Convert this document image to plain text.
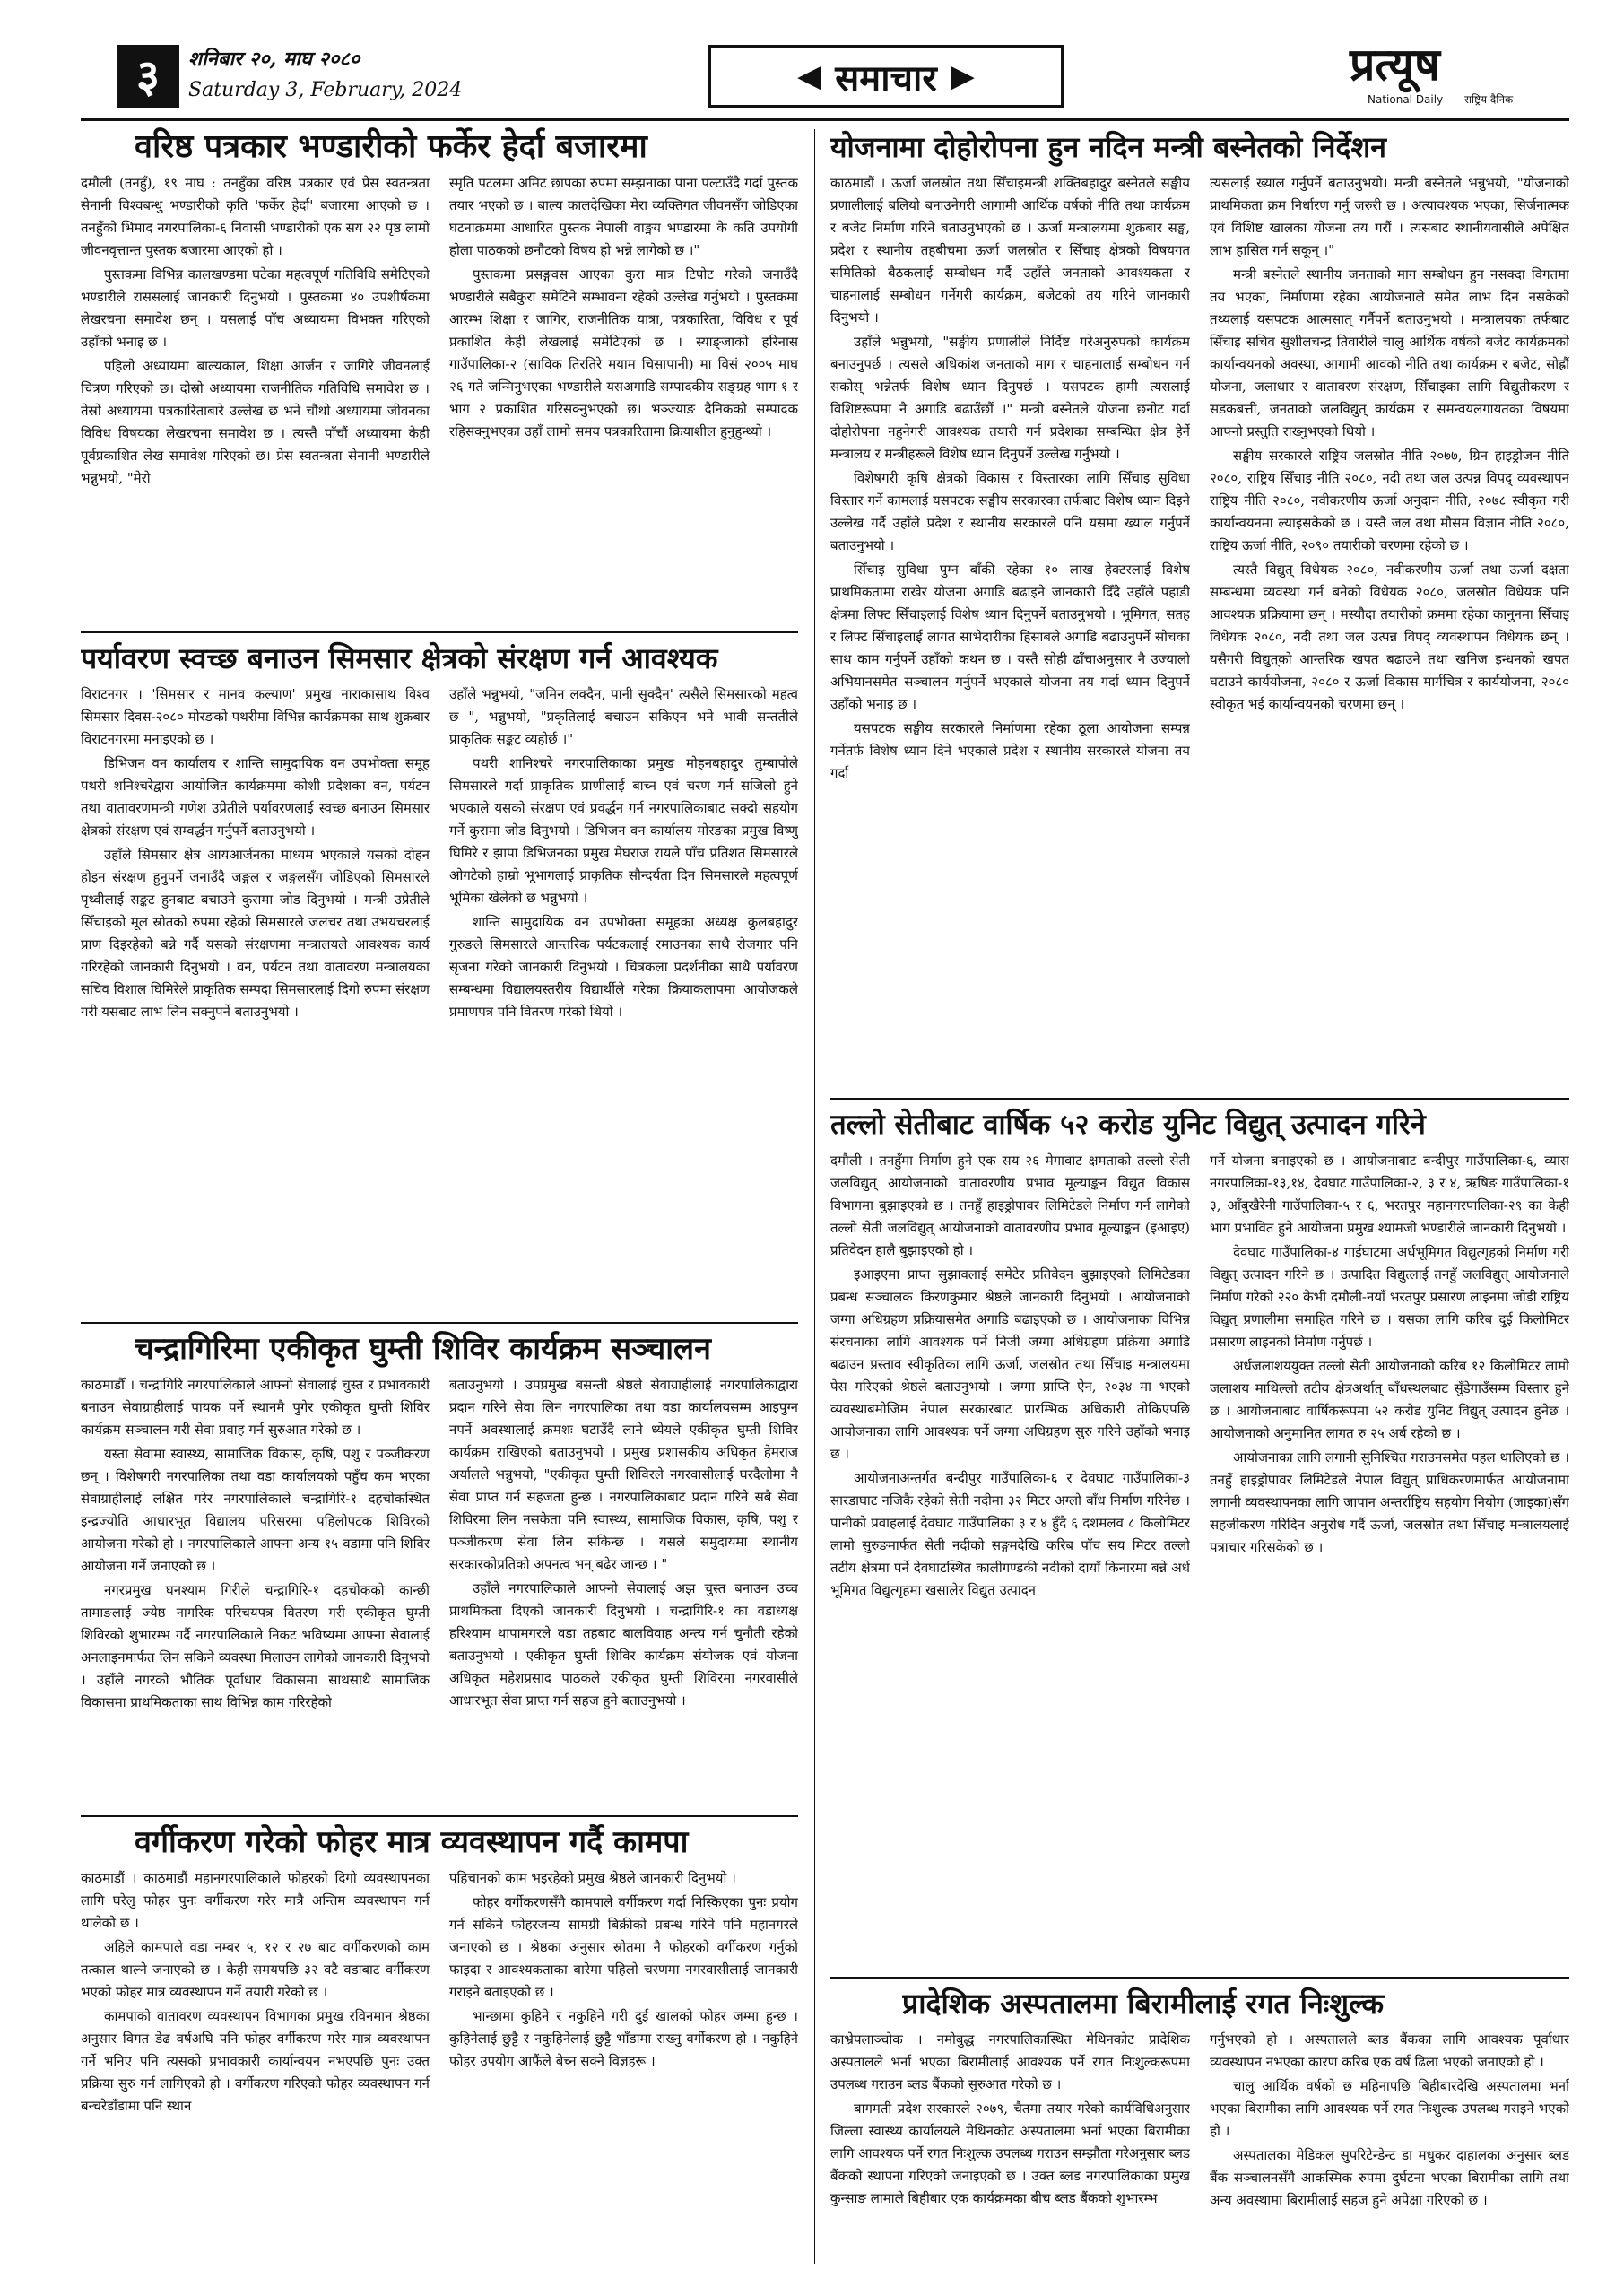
३	शनिबार २०, माघ २०८०
Saturday 3, February, 2024	◀ समाचार ▶	प्रत्यूष
National Daily राष्ट्रिय दैनिक
वरिष्ठ पत्रकार भण्डारीको फर्केर हेर्दा बजारमा

दमौली (तनहुँ), १९ माघ : तनहुँका वरिष्ठ पत्रकार एवं प्रेस स्वतन्त्रता सेनानी विश्वबन्धु भण्डारीको कृति 'फर्केर हेर्दा' बजारमा आएको छ । तनहुँको भिमाद नगरपालिका-६ निवासी भण्डारीको एक सय २२ पृष्ठ लामो जीवनवृत्तान्त पुस्तक बजारमा आएको हो ।

पुस्तकमा विभिन्न कालखण्डमा घटेका महत्वपूर्ण गतिविधि समेटिएको भण्डारीले राससलाई जानकारी दिनुभयो । पुस्तकमा ४० उपशीर्षकमा लेखरचना समावेश छन् । यसलाई पाँच अध्यायमा विभक्त गरिएको उहाँको भनाइ छ ।

पहिलो अध्यायमा बाल्यकाल, शिक्षा आर्जन र जागिरे जीवनलाई चित्रण गरिएको छ। दोस्रो अध्यायमा राजनीतिक गतिविधि समावेश छ । तेस्रो अध्यायमा पत्रकारिताबारे उल्लेख छ भने चौथो अध्यायमा जीवनका विविध विषयका लेखरचना समावेश छ । त्यस्तै पाँचौं अध्यायमा केही पूर्वप्रकाशित लेख समावेश गरिएको छ। प्रेस स्वतन्त्रता सेनानी भण्डारीले भन्नुभयो, "मेरो

स्मृति पटलमा अमिट छापका रुपमा सम्झनाका पाना पल्टाउँदै गर्दा पुस्तक तयार भएको छ । बाल्य कालदेखिका मेरा व्यक्तिगत जीवनसँग जोडिएका घटनाक्रममा आधारित पुस्तक नेपाली वाङ्मय भण्डारमा के कति उपयोगी होला पाठकको छनौटको विषय हो भन्ने लागेको छ ।"

पुस्तकमा प्रसङ्गवस आएका कुरा मात्र टिपोट गरेको जनाउँदै भण्डारीले सबैकुरा समेटिने सम्भावना रहेको उल्लेख गर्नुभयो । पुस्तकमा आरम्भ शिक्षा र जागिर, राजनीतिक यात्रा, पत्रकारिता, विविध र पूर्व प्रकाशित केही लेखलाई समेटिएको छ । स्याङ्जाको हरिनास गाउँपालिका-२ (साविक तिरतिरे मयाम चिसापानी) मा विसं २००५ माघ २६ गते जन्मिनुभएका भण्डारीले यसअगाडि सम्पादकीय सङ्ग्रह भाग १ र भाग २ प्रकाशित गरिसक्नुभएको छ। भञ्ज्याङ दैनिकको सम्पादक रहिसक्नुभएका उहाँ लामो समय पत्रकारितामा क्रियाशील हुनुहुन्थ्यो ।

पर्यावरण स्वच्छ बनाउन सिमसार क्षेत्रको संरक्षण गर्न आवश्यक

विराटनगर । 'सिमसार र मानव कल्याण' प्रमुख नाराकासाथ विश्व सिमसार दिवस-२०८० मोरङको पथरीमा विभिन्न कार्यक्रमका साथ शुक्रबार विराटनगरमा मनाइएको छ ।

डिभिजन वन कार्यालय र शान्ति सामुदायिक वन उपभोक्ता समूह पथरी शनिश्चरेद्वारा आयोजित कार्यक्रममा कोशी प्रदेशका वन, पर्यटन तथा वातावरणमन्त्री गणेश उप्रेतीले पर्यावरणलाई स्वच्छ बनाउन सिमसार क्षेत्रको संरक्षण एवं सम्वर्द्धन गर्नुपर्ने बताउनुभयो ।

उहाँले सिमसार क्षेत्र आयआर्जनका माध्यम भएकाले यसको दोहन होइन संरक्षण हुनुपर्ने जनाउँदै जङ्गल र जङ्गलसँग जोडिएको सिमसारले पृथ्वीलाई सङ्कट हुनबाट बचाउने कुरामा जोड दिनुभयो । मन्त्री उप्रेतीले सिँचाइको मूल स्रोतको रुपमा रहेको सिमसारले जलचर तथा उभयचरलाई प्राण दिइरहेको बन्ने गर्दै यसको संरक्षणमा मन्त्रालयले आवश्यक कार्य गरिरहेको जानकारी दिनुभयो । वन, पर्यटन तथा वातावरण मन्त्रालयका सचिव विशाल घिमिरेले प्राकृतिक सम्पदा सिमसारलाई दिगो रुपमा संरक्षण गरी यसबाट लाभ लिन सक्नुपर्ने बताउनुभयो ।

उहाँले भन्नुभयो, "जमिन लक्दैन, पानी सुक्दैन' त्यसैले सिमसारको महत्व छ ", भन्नुभयो, "प्रकृतिलाई बचाउन सकिएन भने भावी सन्ततीले प्राकृतिक सङ्कट व्यहोर्छ ।"

पथरी शानिश्चरे नगरपालिकाका प्रमुख मोहनबहादुर तुम्बापोले सिमसारले गर्दा प्राकृतिक प्राणीलाई बाच्न एवं चरण गर्न सजिलो हुने भएकाले यसको संरक्षण एवं प्रवर्द्धन गर्न नगरपालिकाबाट सक्दो सहयोग गर्ने कुरामा जोड दिनुभयो । डिभिजन वन कार्यालय मोरङका प्रमुख विष्णु घिमिरे र झापा डिभिजनका प्रमुख मेघराज रायले पाँच प्रतिशत सिमसारले ओगटेको हाम्रो भूभागलाई प्राकृतिक सौन्दर्यता दिन सिमसारले महत्वपूर्ण भूमिका खेलेको छ भन्नुभयो ।

शान्ति सामुदायिक वन उपभोक्ता समूहका अध्यक्ष कुलबहादुर गुरुङले सिमसारले आन्तरिक पर्यटकलाई रमाउनका साथै रोजगार पनि सृजना गरेको जानकारी दिनुभयो । चित्रकला प्रदर्शनीका साथै पर्यावरण सम्बन्धमा विद्यालयस्तरीय विद्यार्थीले गरेका क्रियाकलापमा आयोजकले प्रमाणपत्र पनि वितरण गरेको थियो ।

चन्द्रागिरिमा एकीकृत घुम्ती शिविर कार्यक्रम सञ्चालन

काठमाडौँ । चन्द्रागिरि नगरपालिकाले आफ्नो सेवालाई चुस्त र प्रभावकारी बनाउन सेवाग्राहीलाई पायक पर्ने स्थानमै पुगेर एकीकृत घुम्ती शिविर कार्यक्रम सञ्चालन गरी सेवा प्रवाह गर्न सुरुआत गरेको छ ।

यस्ता सेवामा स्वास्थ्य, सामाजिक विकास, कृषि, पशु र पञ्जीकरण छन् । विशेषगरी नगरपालिका तथा वडा कार्यालयको पहुँच कम भएका सेवाग्राहीलाई लक्षित गरेर नगरपालिकाले चन्द्रागिरि-१ दहचोकस्थित इन्द्रज्योति आधारभूत विद्यालय परिसरमा पहिलोपटक शिविरको आयोजना गरेको हो । नगरपालिकाले आफ्ना अन्य १५ वडामा पनि शिविर आयोजना गर्ने जनाएको छ ।

नगरप्रमुख घनश्याम गिरीले चन्द्रागिरि-१ दहचोकको कान्छी तामाङलाई ज्येष्ठ नागरिक परिचयपत्र वितरण गरी एकीकृत घुम्ती शिविरको शुभारम्भ गर्दै नगरपालिकाले निकट भविष्यमा आफ्ना सेवालाई अनलाइनमार्फत लिन सकिने व्यवस्था मिलाउन लागेको जानकारी दिनुभयो । उहाँले नगरको भौतिक पूर्वाधार विकासमा साथसाथै सामाजिक विकासमा प्राथमिकताका साथ विभिन्न काम गरिरहेको

बताउनुभयो । उपप्रमुख बसन्ती श्रेष्ठले सेवाग्राहीलाई नगरपालिकाद्वारा प्रदान गरिने सेवा लिन नगरपालिका तथा वडा कार्यालयसम्म आइपुग्न नपर्ने अवस्थालाई क्रमशः घटाउँदै लाने ध्येयले एकीकृत घुम्ती शिविर कार्यक्रम राखिएको बताउनुभयो । प्रमुख प्रशासकीय अधिकृत हेमराज अर्यालले भन्नुभयो, "एकीकृत घुम्ती शिविरले नगरवासीलाई घरदैलोमा नै सेवा प्राप्त गर्न सहजता हुन्छ । नगरपालिकाबाट प्रदान गरिने सबै सेवा शिविरमा लिन नसकेता पनि स्वास्थ्य, सामाजिक विकास, कृषि, पशु र पञ्जीकरण सेवा लिन सकिन्छ । यसले समुदायमा स्थानीय सरकारकोप्रतिको अपनत्व भन् बढेर जान्छ । "

उहाँले नगरपालिकाले आफ्नो सेवालाई अझ चुस्त बनाउन उच्च प्राथमिकता दिएको जानकारी दिनुभयो । चन्द्रागिरि-१ का वडाध्यक्ष हरिश्याम थापामगरले वडा तहबाट बालविवाह अन्त्य गर्न चुनौती रहेको बताउनुभयो । एकीकृत घुम्ती शिविर कार्यक्रम संयोजक एवं योजना अधिकृत महेशप्रसाद पाठकले एकीकृत घुम्ती शिविरमा नगरवासीले आधारभूत सेवा प्राप्त गर्न सहज हुने बताउनुभयो ।

वर्गीकरण गरेको फोहर मात्र व्यवस्थापन गर्दै कामपा

काठमाडौं । काठमाडौं महानगरपालिकाले फोहरको दिगो व्यवस्थापनका लागि घरेलु फोहर पुनः वर्गीकरण गरेर मात्रै अन्तिम व्यवस्थापन गर्न थालेको छ ।

अहिले कामपाले वडा नम्बर ५, १२ र २७ बाट वर्गीकरणको काम तत्काल थाल्ने जनाएको छ । केही समयपछि ३२ वटै वडाबाट वर्गीकरण भएको फोहर मात्र व्यवस्थापन गर्ने तयारी गरेको छ ।

कामपाको वातावरण व्यवस्थापन विभागका प्रमुख रविनमान श्रेष्ठका अनुसार विगत डेढ वर्षअघि पनि फोहर वर्गीकरण गरेर मात्र व्यवस्थापन गर्ने भनिए पनि त्यसको प्रभावकारी कार्यान्वयन नभएपछि पुनः उक्त प्रक्रिया सुरु गर्न लागिएको हो । वर्गीकरण गरिएको फोहर व्यवस्थापन गर्न बन्चरेडाँडामा पनि स्थान

पहिचानको काम भइरहेको प्रमुख श्रेष्ठले जानकारी दिनुभयो ।

फोहर वर्गीकरणसँगै कामपाले वर्गीकरण गर्दा निस्किएका पुनः प्रयोग गर्न सकिने फोहरजन्य सामग्री बिक्रीको प्रबन्ध गरिने पनि महानगरले जनाएको छ । श्रेष्ठका अनुसार स्रोतमा नै फोहरको वर्गीकरण गर्नुको फाइदा र आवश्यकताका बारेमा पहिलो चरणमा नगरवासीलाई जानकारी गराइने बताइएको छ ।

भान्छामा कुहिने र नकुहिने गरी दुई खालको फोहर जम्मा हुन्छ । कुहिनेलाई छुट्टै र नकुहिनेलाई छुट्टै भाँडामा राख्नु वर्गीकरण हो । नकुहिने फोहर उपयोग आफैंले बेच्न सक्ने विज्ञहरू ।

योजनामा दोहोरोपना हुन नदिन मन्त्री बस्नेतको निर्देशन

काठमाडौं । ऊर्जा जलस्रोत तथा सिँचाइमन्त्री शक्तिबहादुर बस्नेतले सङ्घीय प्रणालीलाई बलियो बनाउनेगरी आगामी आर्थिक वर्षको नीति तथा कार्यक्रम र बजेट निर्माण गरिने बताउनुभएको छ । ऊर्जा मन्त्रालयमा शुक्रबार सङ्घ, प्रदेश र स्थानीय तहबीचमा ऊर्जा जलस्रोत र सिँचाइ क्षेत्रको विषयगत समितिको बैठकलाई सम्बोधन गर्दै उहाँले जनताको आवश्यकता र चाहनालाई सम्बोधन गर्नेगरी कार्यक्रम, बजेटको तय गरिने जानकारी दिनुभयो ।

उहाँले भन्नुभयो, "सङ्घीय प्रणालीले निर्दिष्ट गरेअनुरुपको कार्यक्रम बनाउनुपर्छ । त्यसले अधिकांश जनताको माग र चाहनालाई सम्बोधन गर्न सकोस् भन्नेतर्फ विशेष ध्यान दिनुपर्छ । यसपटक हामी त्यसलाई विशिष्टरूपमा नै अगाडि बढाउँछौं ।" मन्त्री बस्नेतले योजना छनोट गर्दा दोहोरोपना नहुनेगरी आवश्यक तयारी गर्न प्रदेशका सम्बन्धित क्षेत्र हेर्ने मन्त्रालय र मन्त्रीहरूले विशेष ध्यान दिनुपर्ने उल्लेख गर्नुभयो ।

विशेषगरी कृषि क्षेत्रको विकास र विस्तारका लागि सिँचाइ सुविधा विस्तार गर्ने कामलाई यसपटक सङ्घीय सरकारका तर्फबाट विशेष ध्यान दिइने उल्लेख गर्दै उहाँले प्रदेश र स्थानीय सरकारले पनि यसमा ख्याल गर्नुपर्ने बताउनुभयो ।

सिँचाइ सुविधा पुग्न बाँकी रहेका १० लाख हेक्टरलाई विशेष प्राथमिकतामा राखेर योजना अगाडि बढाइने जानकारी दिँदै उहाँले पहाडी क्षेत्रमा लिफ्ट सिँचाइलाई विशेष ध्यान दिनुपर्ने बताउनुभयो । भूमिगत, सतह र लिफ्ट सिँचाइलाई लागत साभेदारीका हिसाबले अगाडि बढाउनुपर्ने सोचका साथ काम गर्नुपर्ने उहाँको कथन छ । यस्तै सोही ढाँचाअनुसार नै उज्यालो अभियानसमेत सञ्चालन गर्नुपर्ने भएकाले योजना तय गर्दा ध्यान दिनुपर्ने उहाँको भनाइ छ ।

यसपटक सङ्घीय सरकारले निर्माणमा रहेका ठूला आयोजना सम्पन्न गर्नेतर्फ विशेष ध्यान दिने भएकाले प्रदेश र स्थानीय सरकारले योजना तय गर्दा

त्यसलाई ख्याल गर्नुपर्ने बताउनुभयो। मन्त्री बस्नेतले भन्नुभयो, "योजनाको प्राथमिकता क्रम निर्धारण गर्नु जरुरी छ । अत्यावश्यक भएका, सिर्जनात्मक एवं विशिष्ट खालका योजना तय गरौं । त्यसबाट स्थानीयवासीले अपेक्षित लाभ हासिल गर्न सकून् ।"

मन्त्री बस्नेतले स्थानीय जनताको माग सम्बोधन हुन नसक्दा विगतमा तय भएका, निर्माणमा रहेका आयोजनाले समेत लाभ दिन नसकेको तथ्यलाई यसपटक आत्मसात् गर्नैपर्ने बताउनुभयो । मन्त्रालयका तर्फबाट सिँचाइ सचिव सुशीलचन्द्र तिवारीले चालु आर्थिक वर्षको बजेट कार्यक्रमको कार्यान्वयनको अवस्था, आगामी आवको नीति तथा कार्यक्रम र बजेट, सोह्रौं योजना, जलाधार र वातावरण संरक्षण, सिँचाइका लागि विद्युतीकरण र सडकबत्ती, जनताको जलविद्युत् कार्यक्रम र समन्वयलगायतका विषयमा आफ्नो प्रस्तुति राख्नुभएको थियो ।

सङ्घीय सरकारले राष्ट्रिय जलस्रोत नीति २०७७, ग्रिन हाइड्रोजन नीति २०८०, राष्ट्रिय सिँचाइ नीति २०८०, नदी तथा जल उत्पन्न विपद् व्यवस्थापन राष्ट्रिय नीति २०८०, नवीकरणीय ऊर्जा अनुदान नीति, २०७८ स्वीकृत गरी कार्यान्वयनमा ल्याइसकेको छ । यस्तै जल तथा मौसम विज्ञान नीति २०८०, राष्ट्रिय ऊर्जा नीति, २०९० तयारीको चरणमा रहेको छ ।

त्यस्तै विद्युत् विधेयक २०८०, नवीकरणीय ऊर्जा तथा ऊर्जा दक्षता सम्बन्धमा व्यवस्था गर्न बनेको विधेयक २०८०, जलस्रोत विधेयक पनि आवश्यक प्रक्रियामा छन् । मस्यौदा तयारीको क्रममा रहेका कानुनमा सिँचाइ विधेयक २०८०, नदी तथा जल उत्पन्न विपद् व्यवस्थापन विधेयक छन् । यसैगरी विद्युत्‌को आन्तरिक खपत बढाउने तथा खनिज इन्धनको खपत घटाउने कार्ययोजना, २०८० र ऊर्जा विकास मार्गचित्र र कार्ययोजना, २०८० स्वीकृत भई कार्यान्वयनको चरणमा छन् ।

तल्लो सेतीबाट वार्षिक ५२ करोड युनिट विद्युत् उत्पादन गरिने

दमौली । तनहुँमा निर्माण हुने एक सय २६ मेगावाट क्षमताको तल्लो सेती जलविद्युत् आयोजनाको वातावरणीय प्रभाव मूल्याङ्कन विद्युत विकास विभागमा बुझाइएको छ । तनहुँ हाइड्रोपावर लिमिटेडले निर्माण गर्न लागेको तल्लो सेती जलविद्युत् आयोजनाको वातावरणीय प्रभाव मूल्याङ्कन (इआइए) प्रतिवेदन हालै बुझाइएको हो ।

इआइएमा प्राप्त सुझावलाई समेटेर प्रतिवेदन बुझाइएको लिमिटेडका प्रबन्ध सञ्चालक किरणकुमार श्रेष्ठले जानकारी दिनुभयो । आयोजनाको जग्गा अधिग्रहण प्रक्रियासमेत अगाडि बढाइएको छ । आयोजनाका विभिन्न संरचनाका लागि आवश्यक पर्ने निजी जग्गा अधिग्रहण प्रक्रिया अगाडि बढाउन प्रस्ताव स्वीकृतिका लागि ऊर्जा, जलस्रोत तथा सिँचाइ मन्त्रालयमा पेस गरिएको श्रेष्ठले बताउनुभयो । जग्गा प्राप्ति ऐन, २०३४ मा भएको व्यवस्थाबमोजिम नेपाल सरकारबाट प्रारम्भिक अधिकारी तोकिएपछि आयोजनाका लागि आवश्यक पर्ने जग्गा अधिग्रहण सुरु गरिने उहाँको भनाइ छ ।

आयोजनाअन्तर्गत बन्दीपुर गाउँपालिका-६ र देवघाट गाउँपालिका-३ सारडाघाट नजिकै रहेको सेती नदीमा ३२ मिटर अग्लो बाँध निर्माण गरिनेछ । पानीको प्रवाहलाई देवघाट गाउँपालिका ३ र ४ हुँदै ६ दशमलव ८ किलोमिटर लामो सुरुङमार्फत सेती नदीको सङ्गमदेखि करिब पाँच सय मिटर तल्लो तटीय क्षेत्रमा पर्ने देवघाटस्थित कालीगण्डकी नदीको दायाँ किनारमा बन्ने अर्ध भूमिगत विद्युत्गृहमा खसालेर विद्युत उत्पादन

गर्ने योजना बनाइएको छ । आयोजनाबाट बन्दीपुर गाउँपालिका-६, व्यास नगरपालिका-१३,१४, देवघाट गाउँपालिका-२, ३ र ४, ऋषिङ गाउँपालिका-१ ३, आँबुखैरेनी गाउँपालिका-५ र ६, भरतपुर महानगरपालिका-२९ का केही भाग प्रभावित हुने आयोजना प्रमुख श्यामजी भण्डारीले जानकारी दिनुभयो ।

देवघाट गाउँपालिका-४ गाईघाटमा अर्धभूमिगत विद्युत्गृहको निर्माण गरी विद्युत् उत्पादन गरिने छ । उत्पादित विद्युत्लाई तनहुँ जलविद्युत् आयोजनाले निर्माण गरेको २२० केभी दमौली-नयाँ भरतपुर प्रसारण लाइनमा जोडी राष्ट्रिय विद्युत् प्रणालीमा समाहित गरिने छ । यसका लागि करिब दुई किलोमिटर प्रसारण लाइनको निर्माण गर्नुपर्छ ।

अर्धजलाशययुक्त तल्लो सेती आयोजनाको करिब १२ किलोमिटर लामो जलाशय माथिल्लो तटीय क्षेत्रअर्थात् बाँधस्थलबाट सुँडेगाउँसम्म विस्तार हुने छ । आयोजनाबाट वार्षिकरूपमा ५२ करोड युनिट विद्युत् उत्पादन हुनेछ । आयोजनाको अनुमानित लागत रु २५ अर्ब रहेको छ ।

आयोजनाका लागि लगानी सुनिश्चित गराउनसमेत पहल थालिएको छ । तनहुँ हाइड्रोपावर लिमिटेडले नेपाल विद्युत् प्राधिकरणमार्फत आयोजनामा लगानी व्यवस्थापनका लागि जापान अन्तर्राष्ट्रिय सहयोग नियोग (जाइका)सँग सहजीकरण गरिदिन अनुरोध गर्दै ऊर्जा, जलस्रोत तथा सिँचाइ मन्त्रालयलाई पत्राचार गरिसकेको छ ।

प्रादेशिक अस्पतालमा बिरामीलाई रगत निःशुल्क

काभ्रेपलाञ्चोक । नमोबुद्ध नगरपालिकास्थित मेथिनकोट प्रादेशिक अस्पतालले भर्ना भएका बिरामीलाई आवश्यक पर्ने रगत निःशुल्करूपमा उपलब्ध गराउन ब्लड बैंकको सुरुआत गरेको छ ।

बागमती प्रदेश सरकारले २०७९, चैतमा तयार गरेको कार्यविधिअनुसार जिल्ला स्वास्थ्य कार्यालयले मेथिनकोट अस्पतालमा भर्ना भएका बिरामीका लागि आवश्यक पर्ने रगत निःशुल्क उपलब्ध गराउन सम्झौता गरेअनुसार ब्लड बैंकको स्थापना गरिएको जनाइएको छ । उक्त ब्लड नगरपालिकाका प्रमुख कुन्साङ लामाले बिहीबार एक कार्यक्रमका बीच ब्लड बैंकको शुभारम्भ

गर्नुभएको हो । अस्पतालले ब्लड बैंकका लागि आवश्यक पूर्वाधार व्यवस्थापन नभएका कारण करिब एक वर्ष ढिला भएको जनाएको हो ।

चालु आर्थिक वर्षको छ महिनापछि बिहीबारदेखि अस्पतालमा भर्ना भएका बिरामीका लागि आवश्यक पर्ने रगत निःशुल्क उपलब्ध गराइने भएको हो ।

अस्पतालका मेडिकल सुपरिटेन्डेन्ट डा मधुकर दाहालका अनुसार ब्लड बैंक सञ्चालनसँगै आकस्मिक रुपमा दुर्घटना भएका बिरामीका लागि तथा अन्य अवस्थामा बिरामीलाई सहज हुने अपेक्षा गरिएको छ ।
